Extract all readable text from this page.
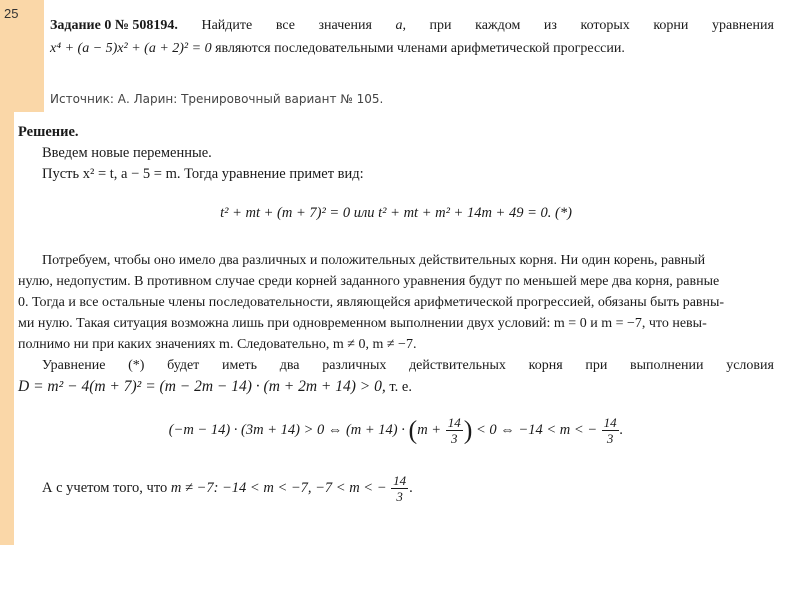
25
Задание 0 № 508194. Найдите все значения a, при каждом из которых корни уравнения
x⁴ + (a − 5)x² + (a + 2)² = 0 являются последовательными членами арифметической прогрессии.
Источник: А. Ларин: Тренировочный вариант № 105.

Решение.

Введем новые переменные.

Пусть x² = t, a − 5 = m. Тогда уравнение примет вид:

t² + mt + (m + 7)² = 0 или t² + mt + m² + 14m + 49 = 0. (*)

Потребуем, чтобы оно имело два различных и положительных действительных корня. Ни один корень, равный

нулю, недопустим. В противном случае среди корней заданного уравнения будут по меньшей мере два корня, равные

0. Тогда и все остальные члены последовательности, являющейся арифметической прогрессией, обязаны быть равны-

ми нулю. Такая ситуация возможна лишь при одновременном выполнении двух условий: m = 0 и m = −7, что невы-

полнимо ни при каких значениях m. Следовательно, m ≠ 0, m ≠ −7.

Уравнение (*) будет иметь два различных действительных корня при выполнении условия

D = m² − 4(m + 7)² = (m − 2m − 14) · (m + 2m + 14) > 0, т. е.

(−m − 14) · (3m + 14) > 0 ⇔ $(m + 14) \cdot (m + \frac{14}{3}$ ) < 0 ⇔ −14 < m < − $\frac{14}{3}$ .

А с учетом того, что m ≠ −7: −14 < m < −7, −7 < m < − $\frac{14}{3}$ .
